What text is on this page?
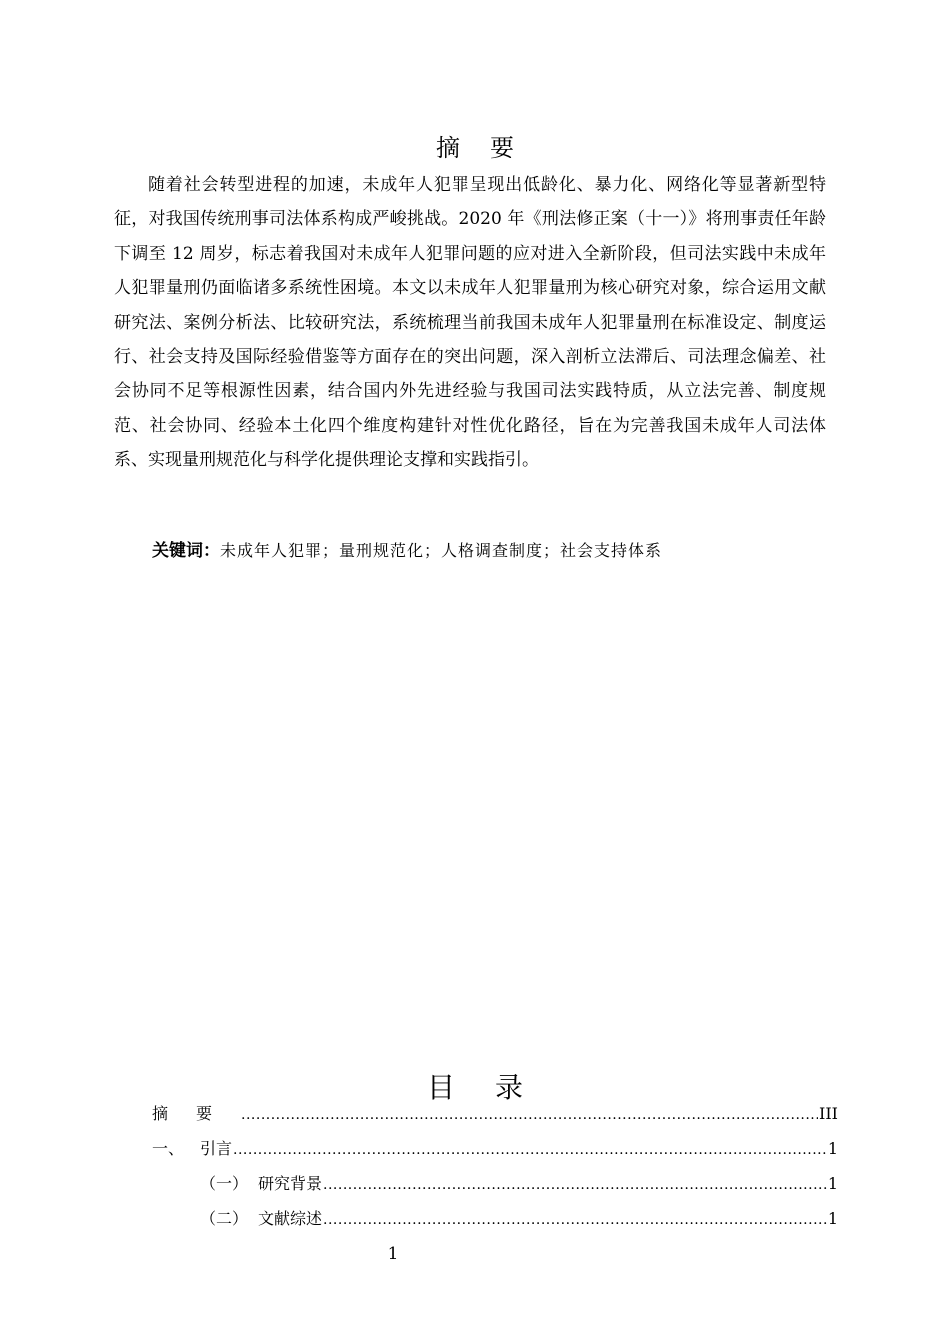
摘要

随着社会转型进程的加速，未成年人犯罪呈现出低龄化、暴力化、网络化等显著新型特征，对我国传统刑事司法体系构成严峻挑战。2020 年《刑法修正案（十一）》将刑事责任年龄下调至 12 周岁，标志着我国对未成年人犯罪问题的应对进入全新阶段，但司法实践中未成年人犯罪量刑仍面临诸多系统性困境。本文以未成年人犯罪量刑为核心研究对象，综合运用文献研究法、案例分析法、比较研究法，系统梳理当前我国未成年人犯罪量刑在标准设定、制度运行、社会支持及国际经验借鉴等方面存在的突出问题，深入剖析立法滞后、司法理念偏差、社会协同不足等根源性因素，结合国内外先进经验与我国司法实践特质，从立法完善、制度规范、社会协同、经验本土化四个维度构建针对性优化路径，旨在为完善我国未成年人司法体系、实现量刑规范化与科学化提供理论支撑和实践指引。

关键词：未成年人犯罪；量刑规范化；人格调查制度；社会支持体系
目录
摘要 .....	III
一、 引言 .....	1
（一） 研究背景 .....	1
（二） 文献综述 .....	1
1
